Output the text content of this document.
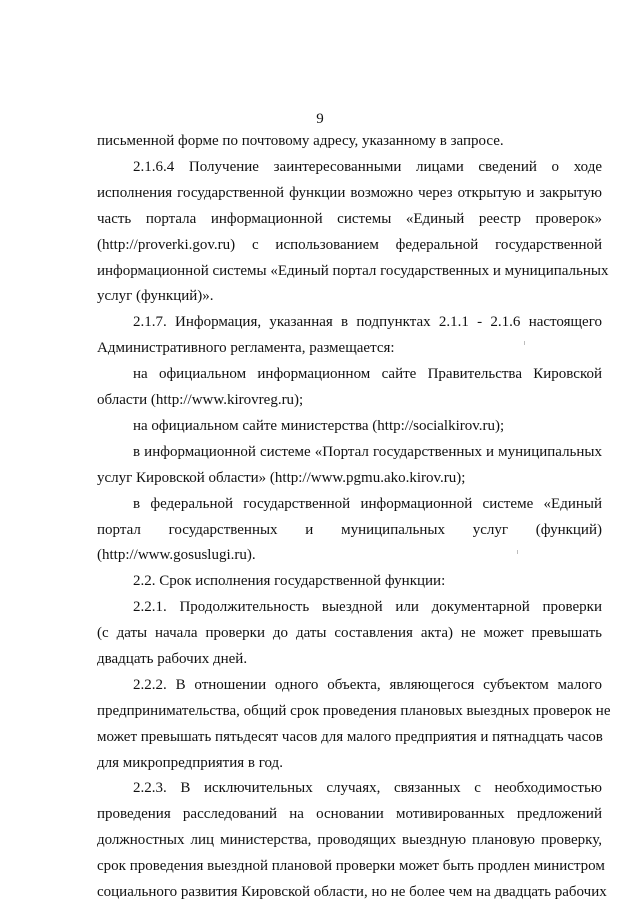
9
письменной форме по почтовому адресу, указанному в запросе.
2.1.6.4 Получение заинтересованными лицами сведений о ходе
исполнения государственной функции возможно через открытую и закрытую
часть портала информационной системы «Единый реестр проверок»
(http://proverki.gov.ru) с использованием федеральной государственной
информационной системы «Единый портал государственных и муниципальных
услуг (функций)».
2.1.7. Информация, указанная в подпунктах 2.1.1 - 2.1.6 настоящего
Административного регламента, размещается:
на официальном информационном сайте Правительства Кировской
области (http://www.kirovreg.ru);
на официальном сайте министерства (http://socialkirov.ru);
в информационной системе «Портал государственных и муниципальных
услуг Кировской области» (http://www.pgmu.ako.kirov.ru);
в федеральной государственной информационной системе «Единый
портал государственных и муниципальных услуг (функций)
(http://www.gosuslugi.ru).
2.2. Срок исполнения государственной функции:
2.2.1. Продолжительность выездной или документарной проверки
(с даты начала проверки до даты составления акта) не может превышать
двадцать рабочих дней.
2.2.2. В отношении одного объекта, являющегося субъектом малого
предпринимательства, общий срок проведения плановых выездных проверок не
может превышать пятьдесят часов для малого предприятия и пятнадцать часов
для микропредприятия в год.
2.2.3. В исключительных случаях, связанных с необходимостью
проведения расследований на основании мотивированных предложений
должностных лиц министерства, проводящих выездную плановую проверку,
срок проведения выездной плановой проверки может быть продлен министром
социального развития Кировской области, но не более чем на двадцать рабочих
